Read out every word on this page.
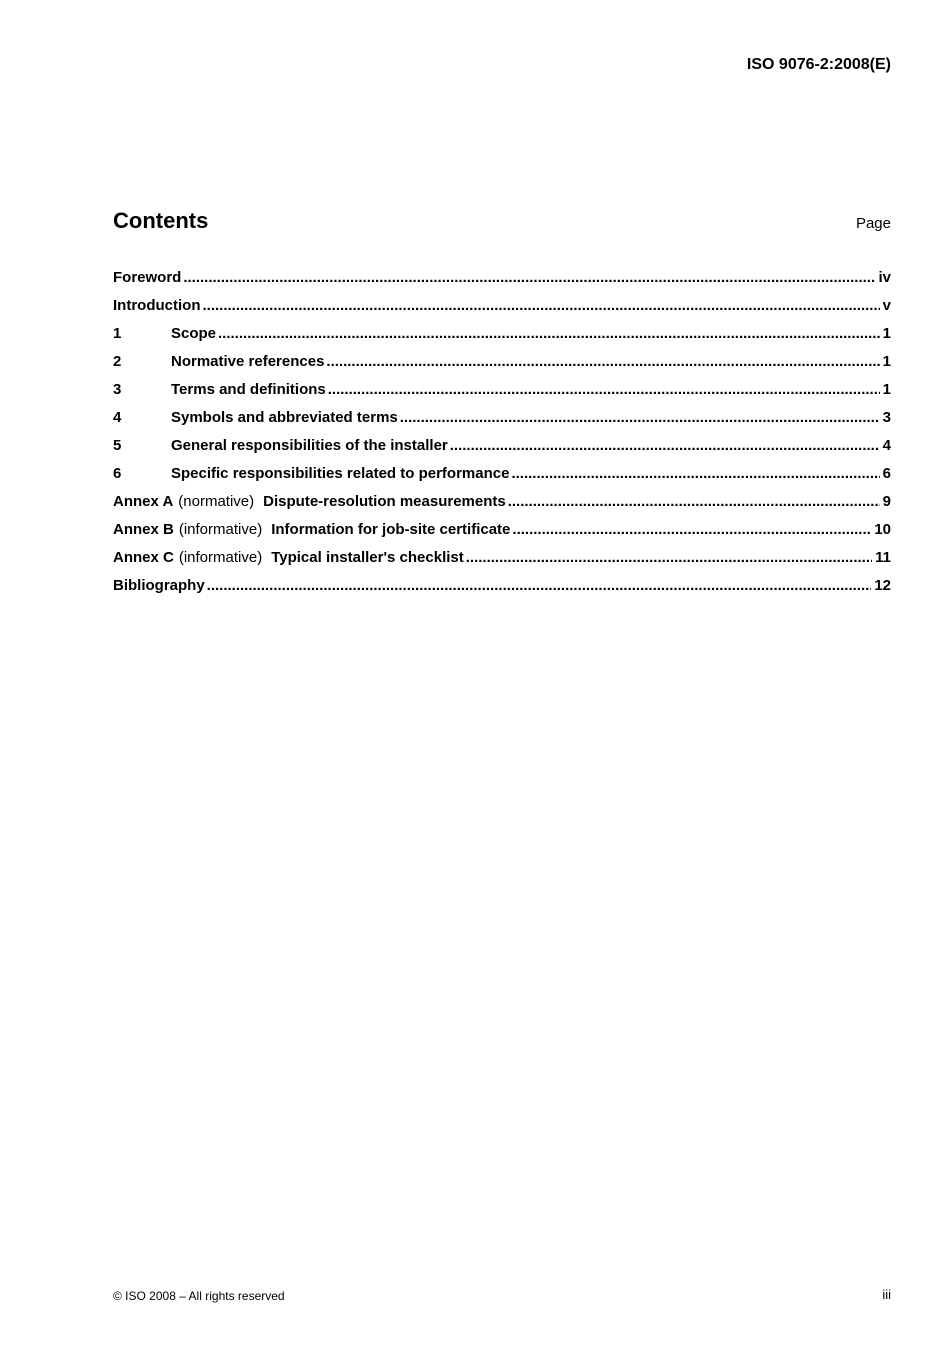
ISO 9076-2:2008(E)
Contents	Page
Foreword .....	iv
Introduction .....	v
1	Scope .....	1
2	Normative references .....	1
3	Terms and definitions .....	1
4	Symbols and abbreviated terms .....	3
5	General responsibilities of the installer .....	4
6	Specific responsibilities related to performance .....	6
Annex A (normative) Dispute-resolution measurements .....	9
Annex B (informative) Information for job-site certificate .....	10
Annex C (informative) Typical installer's checklist .....	11
Bibliography .....	12
© ISO 2008 – All rights reserved	iii
